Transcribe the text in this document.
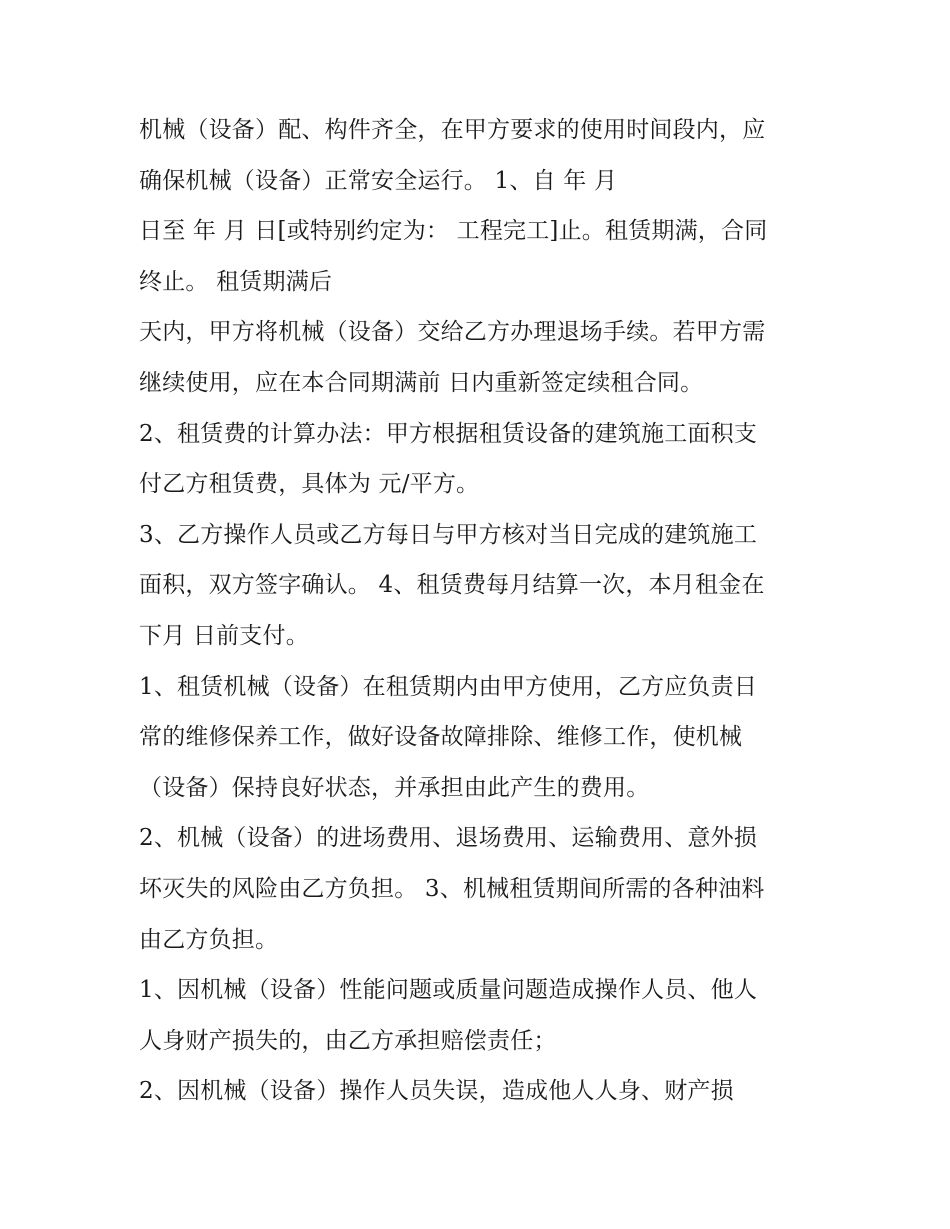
机械（设备）配、构件齐全，在甲方要求的使用时间段内，应
确保机械（设备）正常安全运行。 1、自 年 月
日至 年 月 日[或特别约定为： 工程完工]止。租赁期满，合同
终止。 租赁期满后
天内，甲方将机械（设备）交给乙方办理退场手续。若甲方需
继续使用，应在本合同期满前 日内重新签定续租合同。
2、租赁费的计算办法：甲方根据租赁设备的建筑施工面积支
付乙方租赁费，具体为 元/平方。
3、乙方操作人员或乙方每日与甲方核对当日完成的建筑施工
面积，双方签字确认。 4、租赁费每月结算一次，本月租金在
下月 日前支付。
1、租赁机械（设备）在租赁期内由甲方使用，乙方应负责日
常的维修保养工作，做好设备故障排除、维修工作，使机械
（设备）保持良好状态，并承担由此产生的费用。
2、机械（设备）的进场费用、退场费用、运输费用、意外损
坏灭失的风险由乙方负担。 3、机械租赁期间所需的各种油料
由乙方负担。
1、因机械（设备）性能问题或质量问题造成操作人员、他人
人身财产损失的，由乙方承担赔偿责任；
2、因机械（设备）操作人员失误，造成他人人身、财产损
